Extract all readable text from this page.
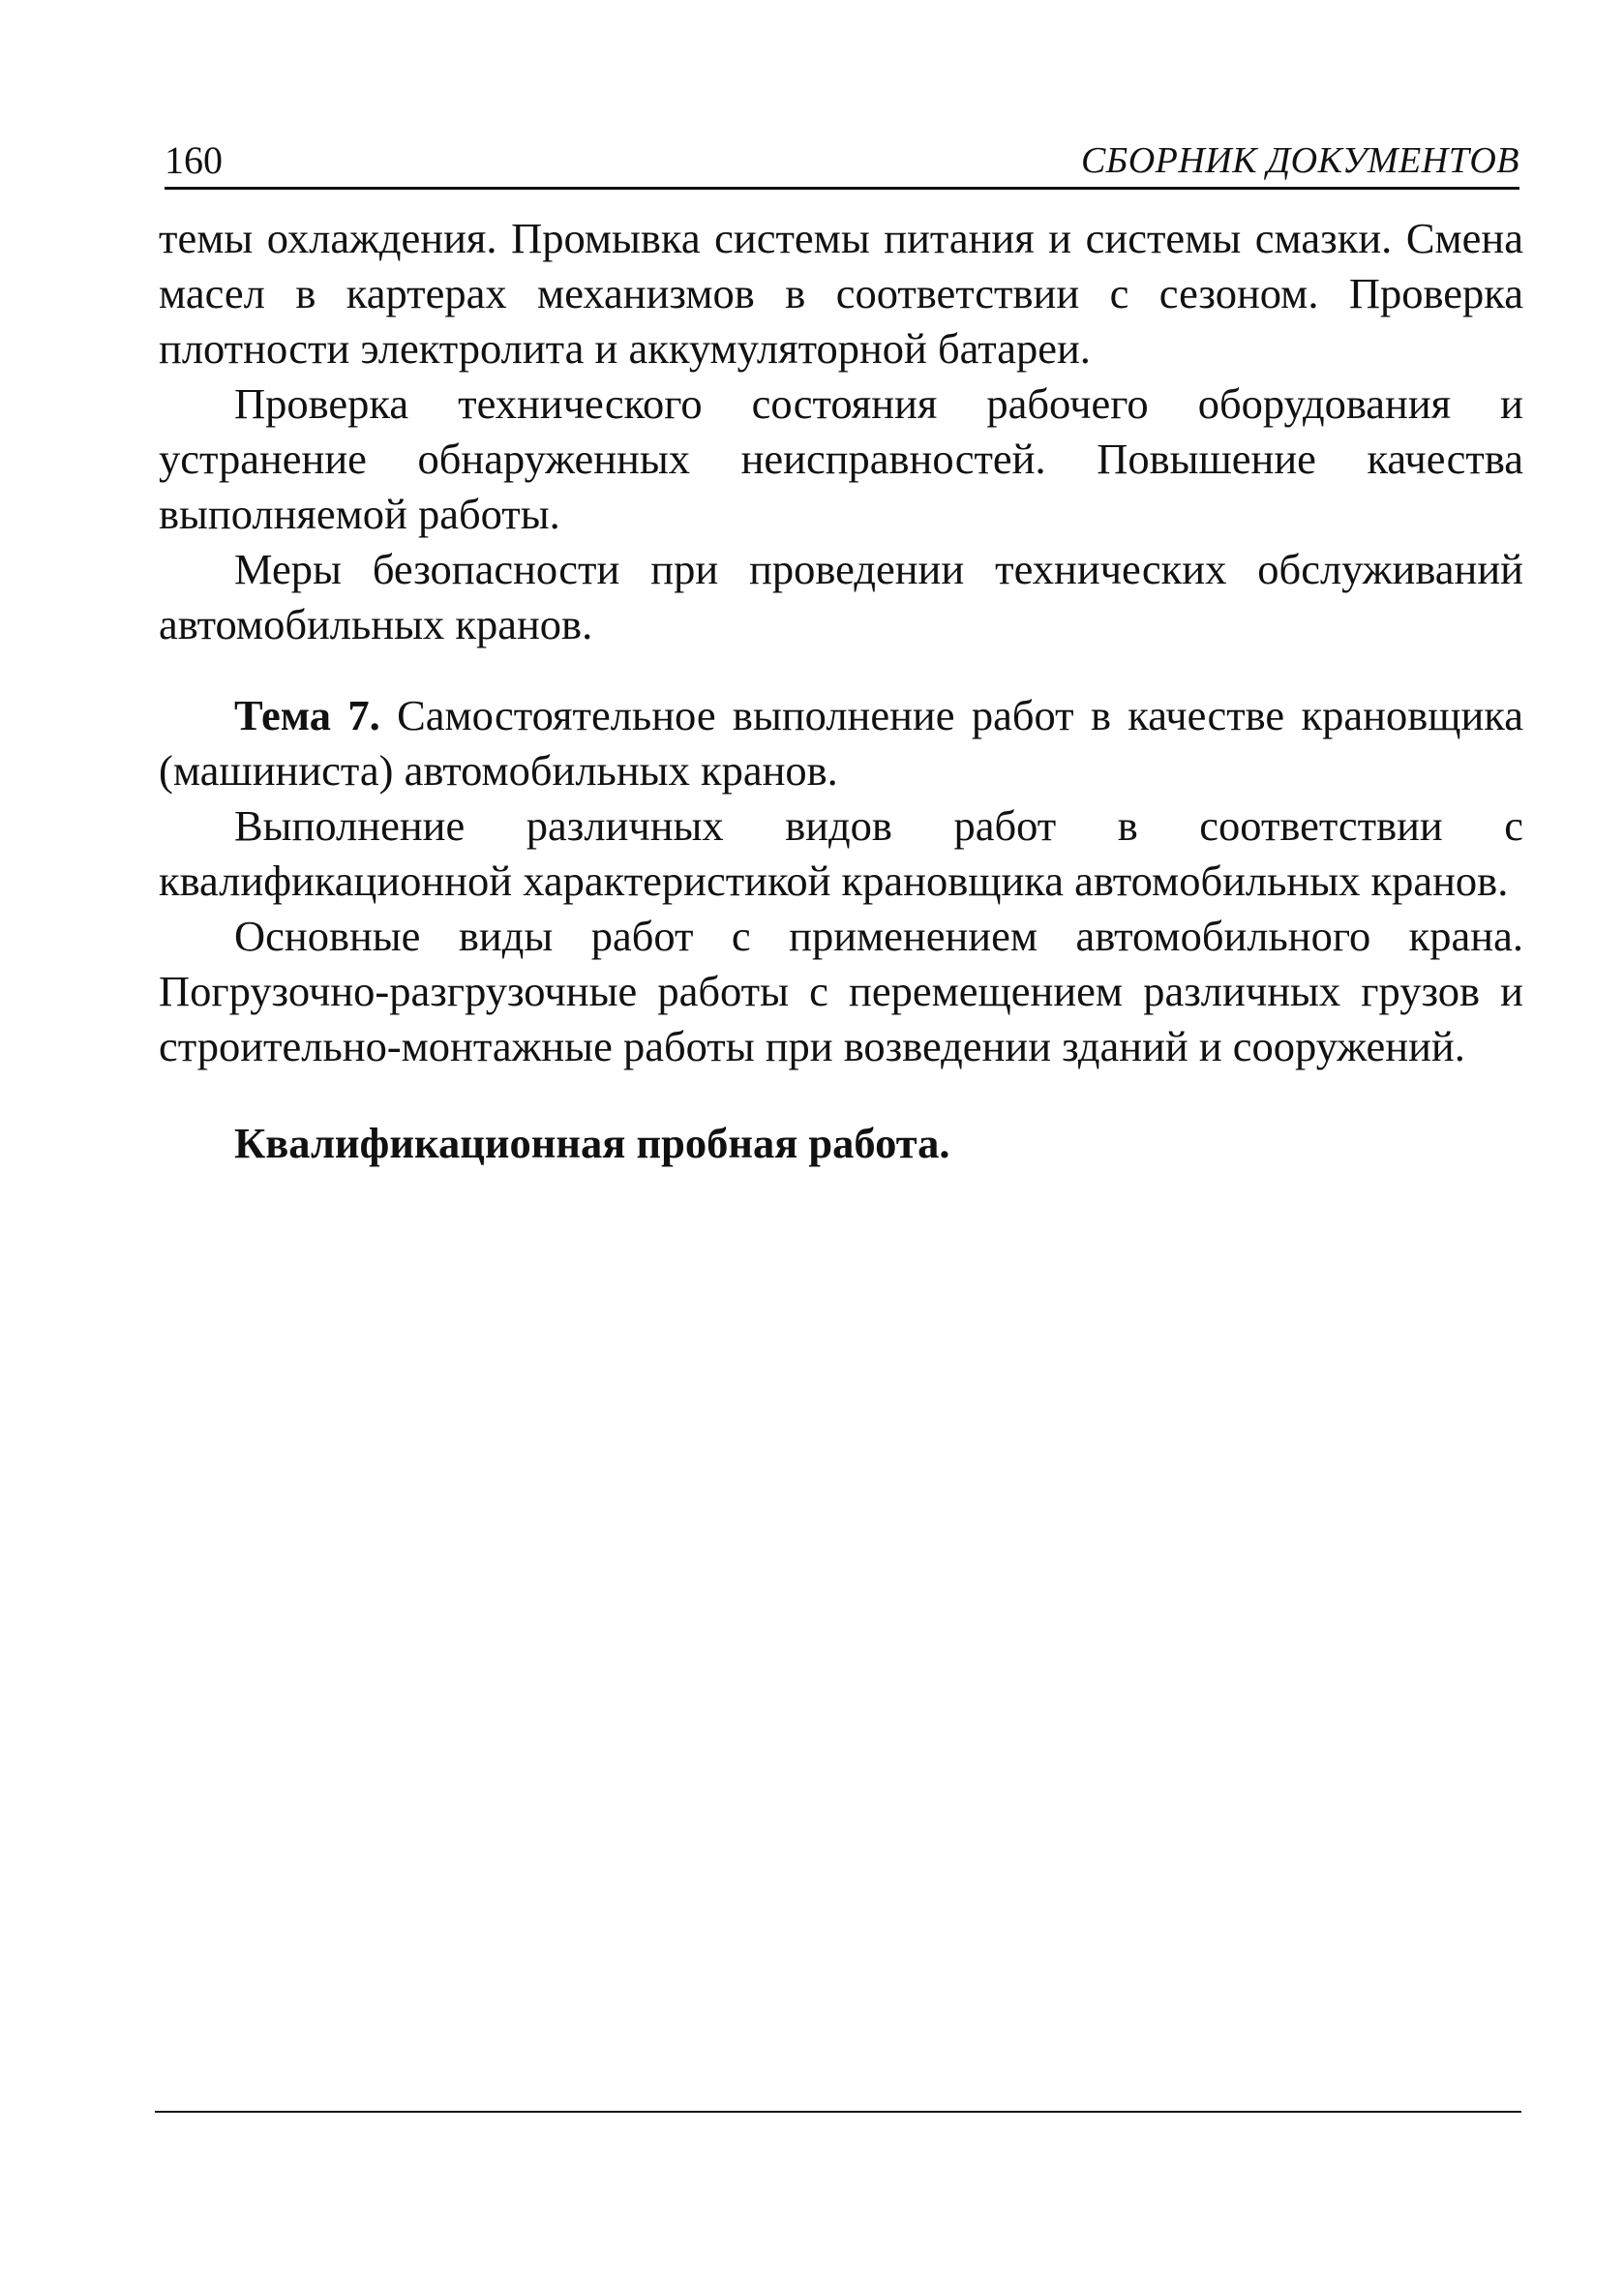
160	СБОРНИК ДОКУМЕНТОВ

темы охлаждения. Промывка системы питания и системы смазки. Смена масел в картерах механизмов в соответствии с сезоном. Проверка плотности электролита и аккумуляторной батареи.

Проверка технического состояния рабочего оборудования и устранение обнаруженных неисправностей. Повышение качества выполняемой работы.

Меры безопасности при проведении технических обслуживаний автомобильных кранов.

Тема 7. Самостоятельное выполнение работ в качестве крановщика (машиниста) автомобильных кранов.

Выполнение различных видов работ в соответствии с квалификационной характеристикой крановщика автомобильных кранов.

Основные виды работ с применением автомобильного крана. Погрузочно-разгрузочные работы с перемещением различных грузов и строительно-монтажные работы при возведении зданий и сооружений.

Квалификационная пробная работа.
